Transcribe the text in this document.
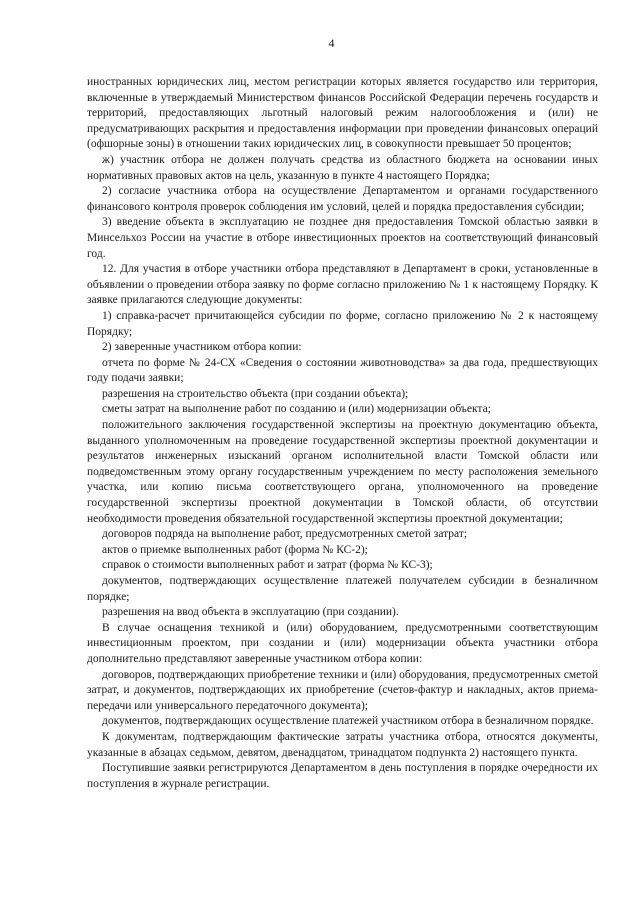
4

иностранных юридических лиц, местом регистрации которых является государство или территория, включенные в утверждаемый Министерством финансов Российской Федерации перечень государств и территорий, предоставляющих льготный налоговый режим налогообложения и (или) не предусматривающих раскрытия и предоставления информации при проведении финансовых операций (офшорные зоны) в отношении таких юридических лиц, в совокупности превышает 50 процентов;

ж) участник отбора не должен получать средства из областного бюджета на основании иных нормативных правовых актов на цель, указанную в пункте 4 настоящего Порядка;

2) согласие участника отбора на осуществление Департаментом и органами государственного финансового контроля проверок соблюдения им условий, целей и порядка предоставления субсидии;

3) введение объекта в эксплуатацию не позднее дня предоставления Томской областью заявки в Минсельхоз России на участие в отборе инвестиционных проектов на соответствующий финансовый год.

12. Для участия в отборе участники отбора представляют в Департамент в сроки, установленные в объявлении о проведении отбора заявку по форме согласно приложению № 1 к настоящему Порядку. К заявке прилагаются следующие документы:

1) справка-расчет причитающейся субсидии по форме, согласно приложению № 2 к настоящему Порядку;

2) заверенные участником отбора копии:

отчета по форме № 24-СХ «Сведения о состоянии животноводства» за два года, предшествующих году подачи заявки;

разрешения на строительство объекта (при создании объекта);

сметы затрат на выполнение работ по созданию и (или) модернизации объекта;

положительного заключения государственной экспертизы на проектную документацию объекта, выданного уполномоченным на проведение государственной экспертизы проектной документации и результатов инженерных изысканий органом исполнительной власти Томской области или подведомственным этому органу государственным учреждением по месту расположения земельного участка, или копию письма соответствующего органа, уполномоченного на проведение государственной экспертизы проектной документации в Томской области, об отсутствии необходимости проведения обязательной государственной экспертизы проектной документации;

договоров подряда на выполнение работ, предусмотренных сметой затрат;

актов о приемке выполненных работ (форма № КС-2);

справок о стоимости выполненных работ и затрат (форма № КС-3);

документов, подтверждающих осуществление платежей получателем субсидии в безналичном порядке;

разрешения на ввод объекта в эксплуатацию (при создании).

В случае оснащения техникой и (или) оборудованием, предусмотренными соответствующим инвестиционным проектом, при создании и (или) модернизации объекта участники отбора дополнительно представляют заверенные участником отбора копии:

договоров, подтверждающих приобретение техники и (или) оборудования, предусмотренных сметой затрат, и документов, подтверждающих их приобретение (счетов-фактур и накладных, актов приема-передачи или универсального передаточного документа);

документов, подтверждающих осуществление платежей участником отбора в безналичном порядке.

К документам, подтверждающим фактические затраты участника отбора, относятся документы, указанные в абзацах седьмом, девятом, двенадцатом, тринадцатом подпункта 2) настоящего пункта.

Поступившие заявки регистрируются Департаментом в день поступления в порядке очередности их поступления в журнале регистрации.
